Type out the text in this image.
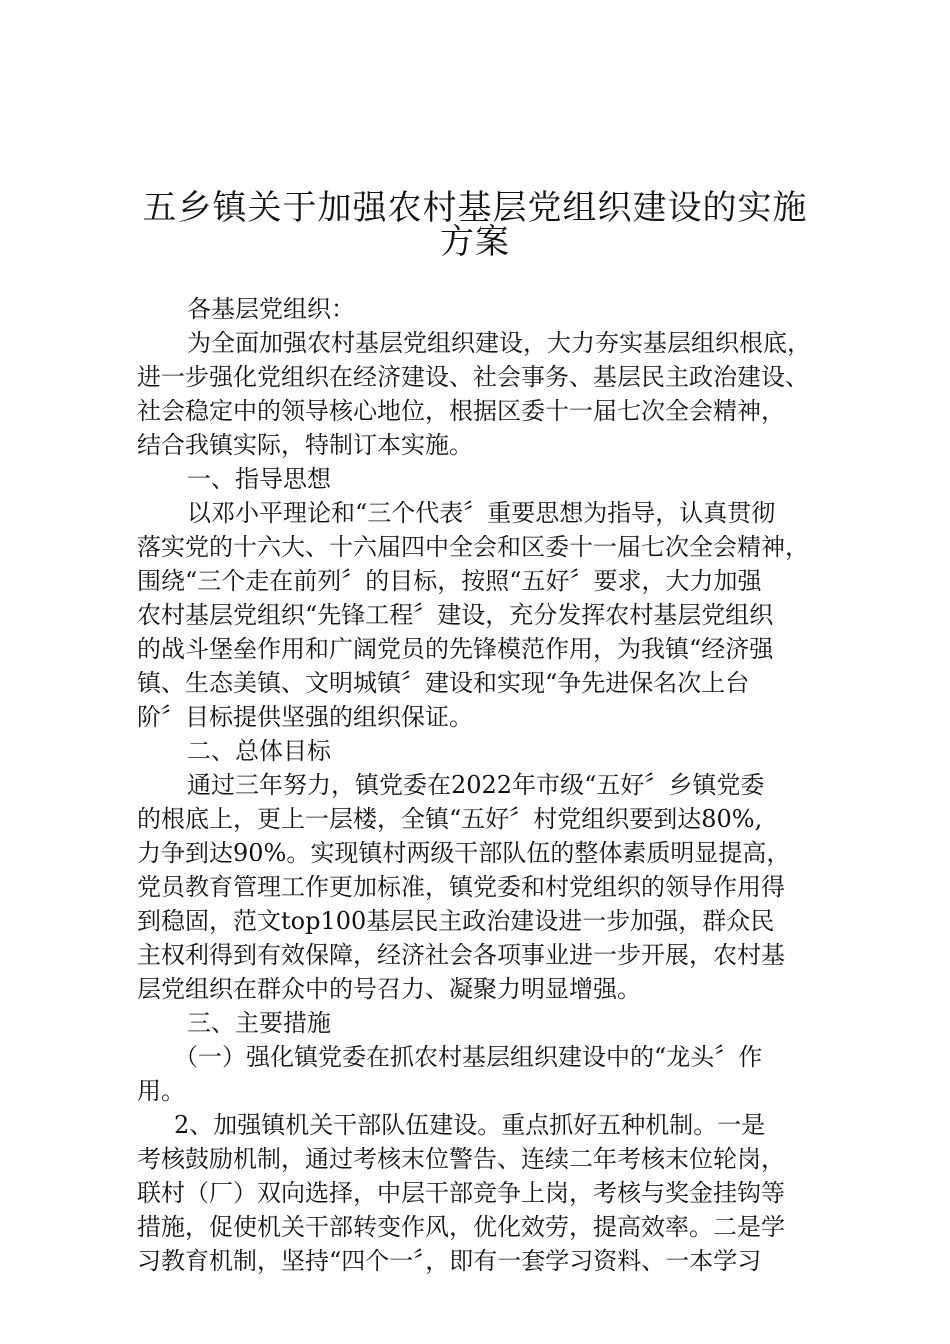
五乡镇关于加强农村基层党组织建设的实施
方案
各基层党组织：
为全面加强农村基层党组织建设，大力夯实基层组织根底，
进一步强化党组织在经济建设、社会事务、基层民主政治建设、
社会稳定中的领导核心地位，根据区委十一届七次全会精神，
结合我镇实际，特制订本实施。
一、指导思想
以邓小平理论和“三个代表〞重要思想为指导，认真贯彻
落实党的十六大、十六届四中全会和区委十一届七次全会精神，
围绕“三个走在前列〞的目标，按照“五好〞要求，大力加强
农村基层党组织“先锋工程〞建设，充分发挥农村基层党组织
的战斗堡垒作用和广阔党员的先锋模范作用，为我镇“经济强
镇、生态美镇、文明城镇〞建设和实现“争先进保名次上台
阶〞目标提供坚强的组织保证。
二、总体目标
通过三年努力，镇党委在2022年市级“五好〞乡镇党委
的根底上，更上一层楼，全镇“五好〞村党组织要到达80%,
力争到达90%。实现镇村两级干部队伍的整体素质明显提高，
党员教育管理工作更加标准，镇党委和村党组织的领导作用得
到稳固，范文top100基层民主政治建设进一步加强，群众民
主权利得到有效保障，经济社会各项事业进一步开展，农村基
层党组织在群众中的号召力、凝聚力明显增强。
三、主要措施
（一）强化镇党委在抓农村基层组织建设中的“龙头〞作
用。
2、加强镇机关干部队伍建设。重点抓好五种机制。一是
考核鼓励机制，通过考核末位警告、连续二年考核末位轮岗，
联村（厂）双向选择，中层干部竞争上岗，考核与奖金挂钩等
措施，促使机关干部转变作风，优化效劳，提高效率。二是学
习教育机制，坚持“四个一〞，即有一套学习资料、一本学习
